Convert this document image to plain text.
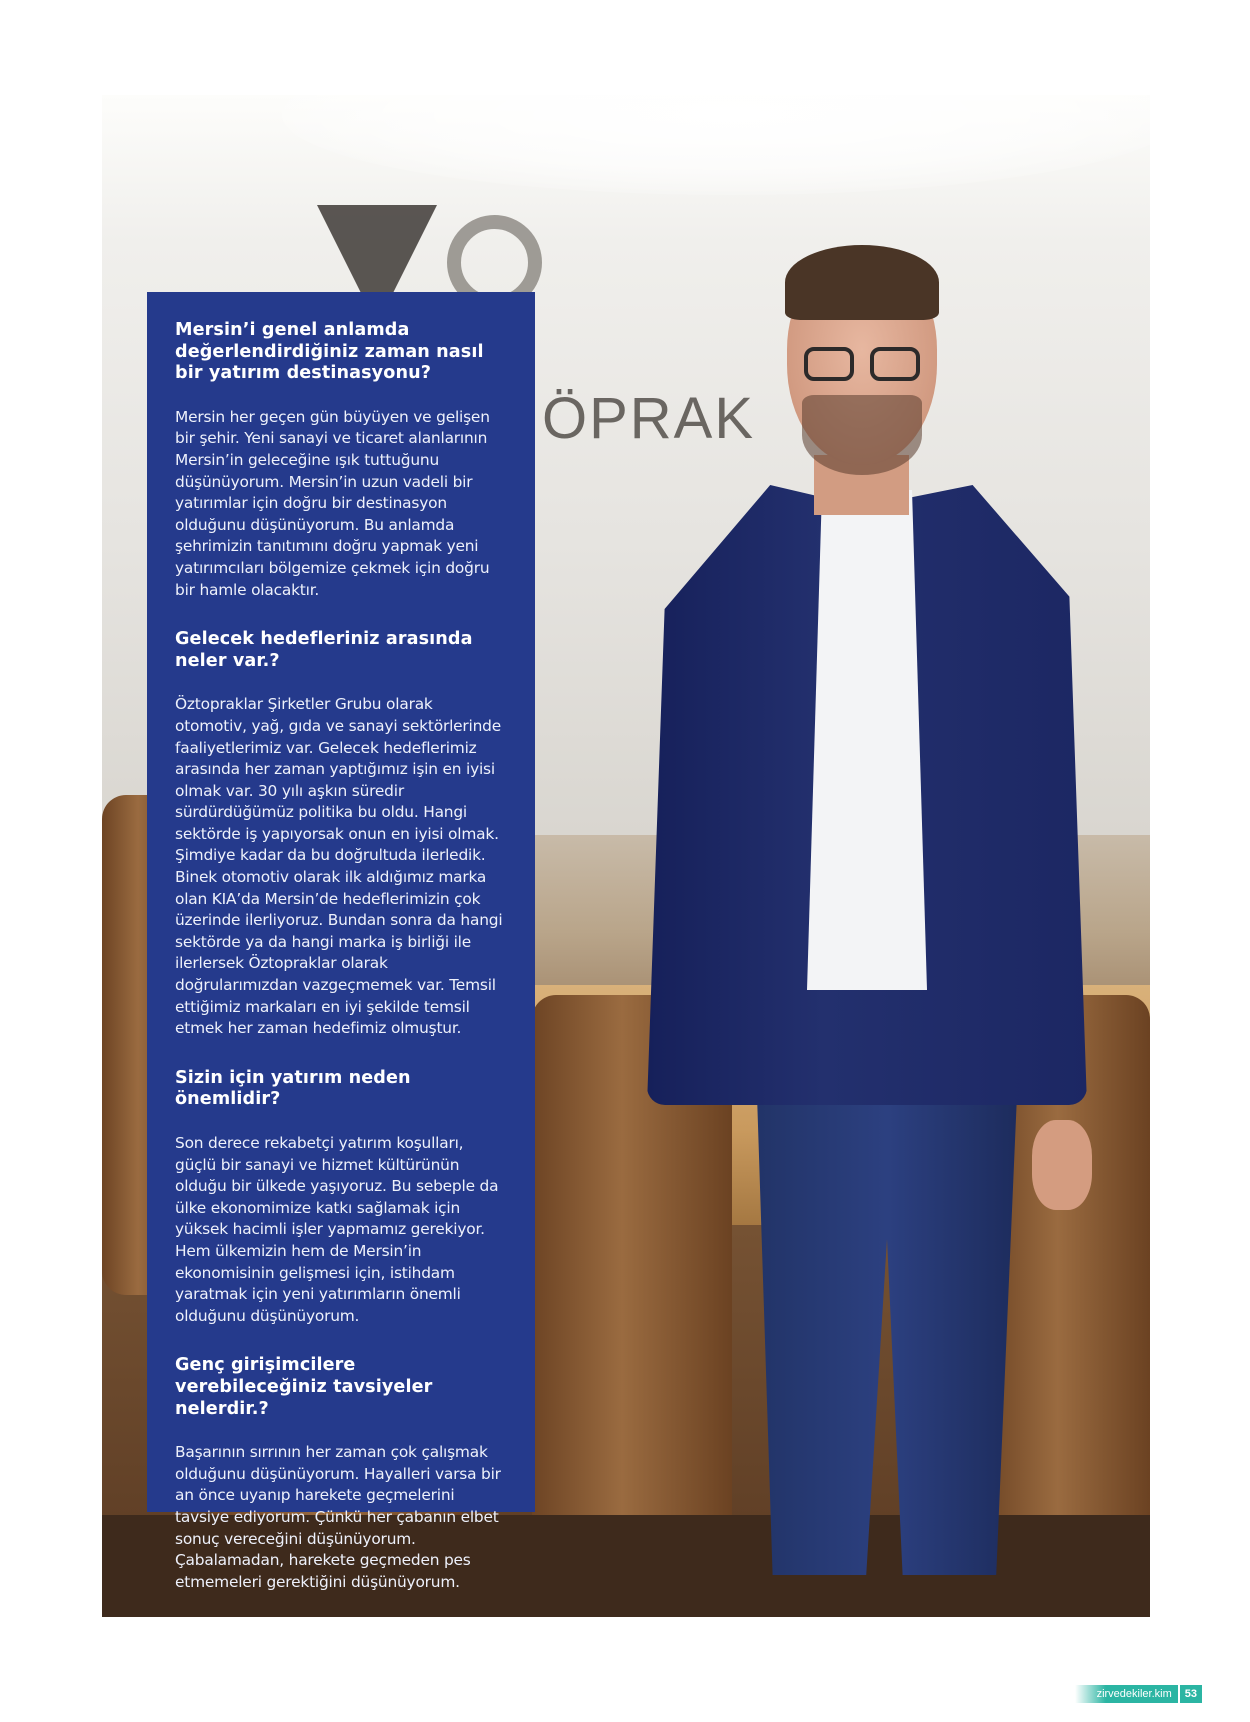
ÖPRAK
Mersin’i genel anlamda değerlendirdiğiniz zaman nasıl bir yatırım destinasyonu?

Mersin her geçen gün büyüyen ve gelişen bir şehir. Yeni sanayi ve ticaret alanlarının Mersin’in geleceğine ışık tuttuğunu düşünüyorum. Mersin’in uzun vadeli bir yatırımlar için doğru bir destinasyon olduğunu düşünüyorum. Bu anlamda şehrimizin tanıtımını doğru yapmak yeni yatırımcıları bölgemize çekmek için doğru bir hamle olacaktır.

Gelecek hedefleriniz arasında neler var.?

Öztopraklar Şirketler Grubu olarak otomotiv, yağ, gıda ve sanayi sektörlerinde faaliyetlerimiz var. Gelecek hedeflerimiz arasında her zaman yaptığımız işin en iyisi olmak var. 30 yılı aşkın süredir sürdürdüğümüz politika bu oldu. Hangi sektörde iş yapıyorsak onun en iyisi olmak. Şimdiye kadar da bu doğrultuda ilerledik. Binek otomotiv olarak ilk aldığımız marka olan KIA’da Mersin’de hedeflerimizin çok üzerinde ilerliyoruz. Bundan sonra da hangi sektörde ya da hangi marka iş birliği ile ilerlersek Öztopraklar olarak doğrularımızdan vazgeçmemek var. Temsil ettiğimiz markaları en iyi şekilde temsil etmek her zaman hedefimiz olmuştur.

Sizin için yatırım neden önemlidir?

Son derece rekabetçi yatırım koşulları, güçlü bir sanayi ve hizmet kültürünün olduğu bir ülkede yaşıyoruz. Bu sebeple da ülke ekonomimize katkı sağlamak için yüksek hacimli işler yapmamız gerekiyor. Hem ülkemizin hem de Mersin’in ekonomisinin gelişmesi için, istihdam yaratmak için yeni yatırımların önemli olduğunu düşünüyorum.

Genç girişimcilere verebileceğiniz tavsiyeler nelerdir.?

Başarının sırrının her zaman çok çalışmak olduğunu düşünüyorum. Hayalleri varsa bir an önce uyanıp harekete geçmelerini tavsiye ediyorum. Çünkü her çabanın elbet sonuç vereceğini düşünüyorum. Çabalamadan, harekete geçmeden pes etmemeleri gerektiğini düşünüyorum.

zirvedekiler.kim	53
